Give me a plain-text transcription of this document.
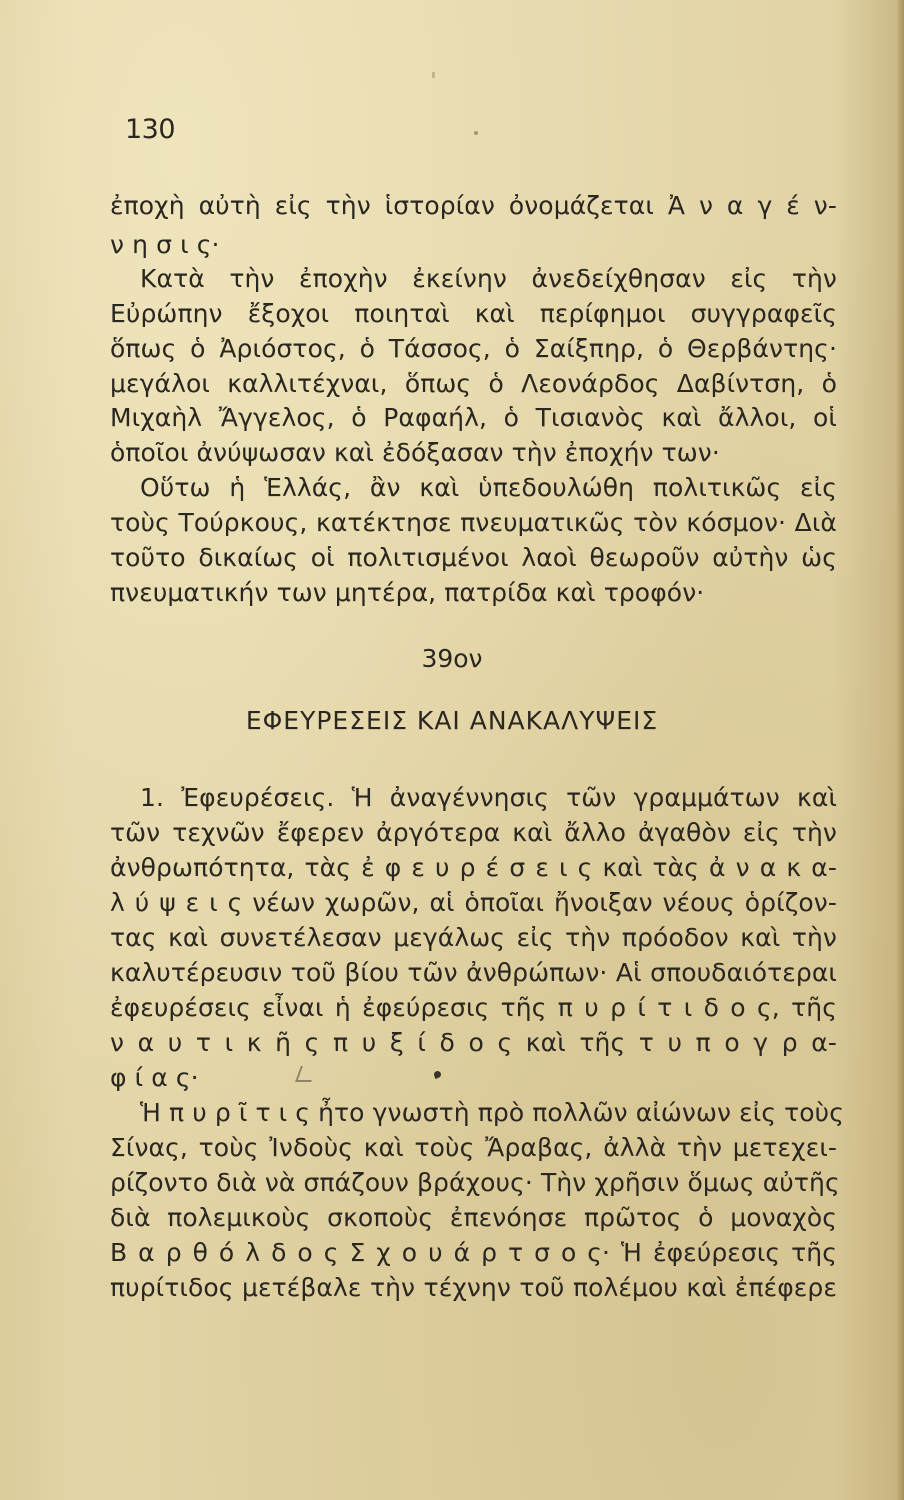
130
ἐποχὴ αὐτὴ εἰς τὴν ἱστορίαν ὀνομάζεται Ἀ ν α γ έ ν-
ν η σ ι ς·
Κατὰ τὴν ἐποχὴν ἐκείνην ἀνεδείχθησαν εἰς τὴν
Εὐρώπην ἔξοχοι ποιηταὶ καὶ περίφημοι συγγραφεῖς
ὅπως ὁ Ἀριόστος, ὁ Τάσσος, ὁ Σαίξπηρ, ὁ Θερβάντης·
μεγάλοι καλλιτέχναι, ὅπως ὁ Λεονάρδος Δαβίντση, ὁ
Μιχαὴλ Ἄγγελος, ὁ Ραφαήλ, ὁ Τισιανὸς καὶ ἄλλοι, οἱ
ὁποῖοι ἀνύψωσαν καὶ ἐδόξασαν τὴν ἐποχήν των·
Οὕτω ἡ Ἑλλάς, ἂν καὶ ὑπεδουλώθη πολιτικῶς εἰς
τοὺς Τούρκους, κατέκτησε πνευματικῶς τὸν κόσμον· Διὰ
τοῦτο δικαίως οἱ πολιτισμένοι λαοὶ θεωροῦν αὐτὴν ὡς
πνευματικήν των μητέρα, πατρίδα καὶ τροφόν·
39ον
ΕΦΕΥΡΕΣΕΙΣ ΚΑΙ ΑΝΑΚΑΛΥΨΕΙΣ
1. Ἐφευρέσεις. Ἡ ἀναγέννησις τῶν γραμμάτων καὶ
τῶν τεχνῶν ἔφερεν ἀργότερα καὶ ἄλλο ἀγαθὸν εἰς τὴν
ἀνθρωπότητα, τὰς ἐ φ ε υ ρ έ σ ε ι ς καὶ τὰς ἀ ν α κ α-
λ ύ ψ ε ι ς νέων χωρῶν, αἱ ὁποῖαι ἤνοιξαν νέους ὁρίζον-
τας καὶ συνετέλεσαν μεγάλως εἰς τὴν πρόοδον καὶ τὴν
καλυτέρευσιν τοῦ βίου τῶν ἀνθρώπων· Αἱ σπουδαιότεραι
ἐφευρέσεις εἶναι ἡ ἐφεύρεσις τῆς π υ ρ ί τ ι δ ο ς, τῆς
ν α υ τ ι κ ῆ ς π υ ξ ί δ ο ς καὶ τῆς τ υ π ο γ ρ α-
φ ί α ς·
Ἡ π υ ρ ῖ τ ι ς ἦτο γνωστὴ πρὸ πολλῶν αἰώνων εἰς τοὺς
Σίνας, τοὺς Ἰνδοὺς καὶ τοὺς Ἄραβας, ἀλλὰ τὴν μετεχει-
ρίζοντο διὰ νὰ σπάζουν βράχους· Τὴν χρῆσιν ὅμως αὐτῆς
διὰ πολεμικοὺς σκοποὺς ἐπενόησε πρῶτος ὁ μοναχὸς
Β α ρ θ ό λ δ ο ς Σ χ ο υ ά ρ τ σ ο ς· Ἡ ἐφεύρεσις τῆς
πυρίτιδος μετέβαλε τὴν τέχνην τοῦ πολέμου καὶ ἐπέφερε
